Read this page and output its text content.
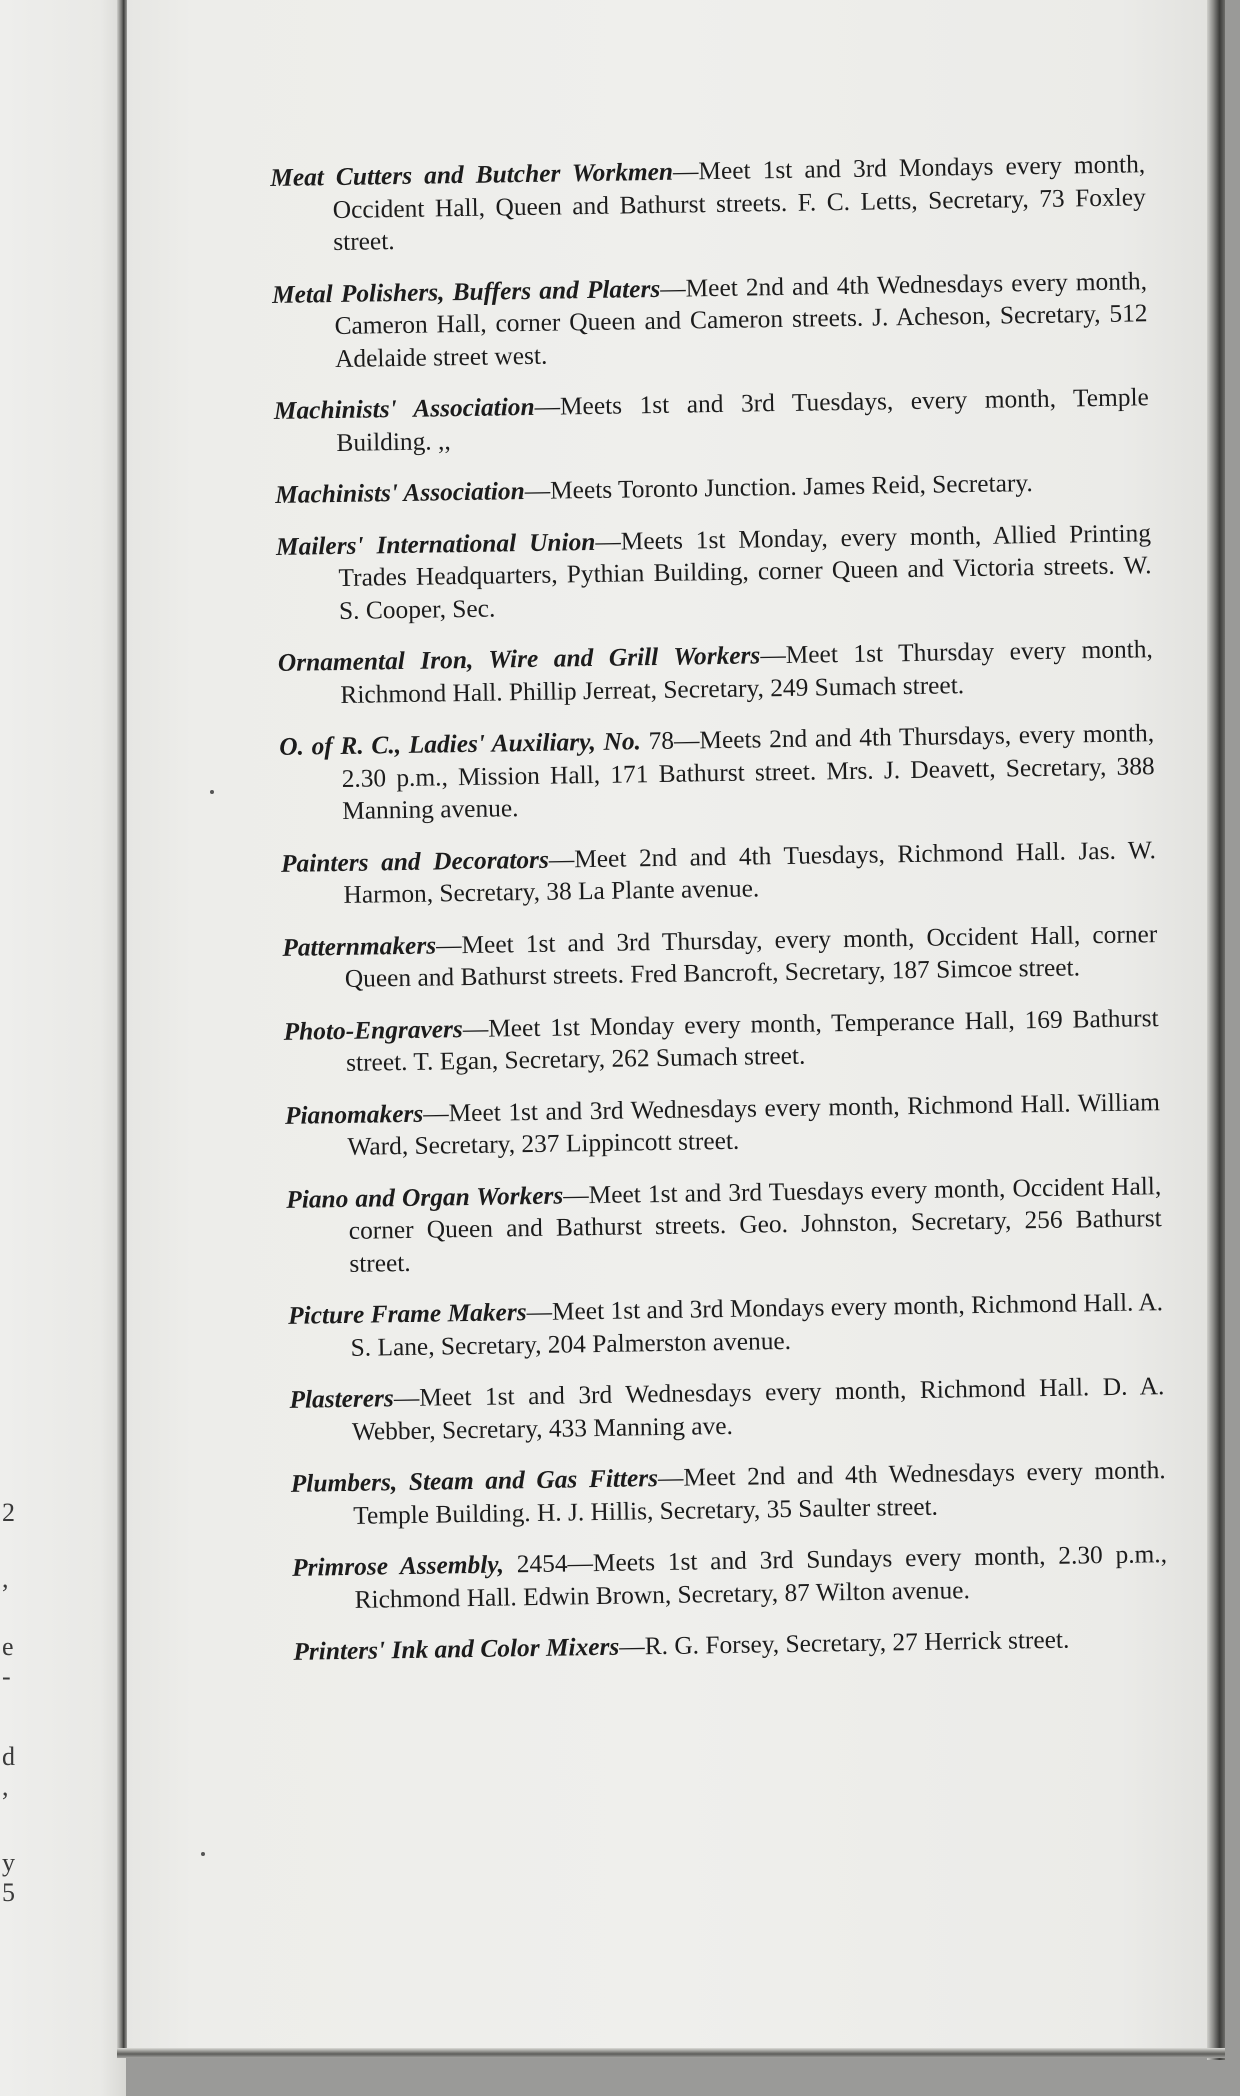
2
,
e
-
d
,
y
5

Meat Cutters and Butcher Workmen—Meet 1st and 3rd Mondays every month, Occident Hall, Queen and Bathurst streets. F. C. Letts, Secretary, 73 Foxley street.

Metal Polishers, Buffers and Platers—Meet 2nd and 4th Wednesdays every month, Cameron Hall, corner Queen and Cameron streets. J. Acheson, Secretary, 512 Adelaide street west.

Machinists' Association—Meets 1st and 3rd Tuesdays, every month, Temple Building. ,,

Machinists' Association—Meets Toronto Junction. James Reid, Secretary.

Mailers' International Union—Meets 1st Monday, every month, Allied Printing Trades Headquarters, Pythian Building, corner Queen and Victoria streets. W. S. Cooper, Sec.

Ornamental Iron, Wire and Grill Workers—Meet 1st Thursday every month, Richmond Hall. Phillip Jerreat, Secretary, 249 Sumach street.

O. of R. C., Ladies' Auxiliary, No. 78—Meets 2nd and 4th Thursdays, every month, 2.30 p.m., Mission Hall, 171 Bathurst street. Mrs. J. Deavett, Secretary, 388 Manning avenue.

Painters and Decorators—Meet 2nd and 4th Tuesdays, Richmond Hall. Jas. W. Harmon, Secretary, 38 La Plante avenue.

Patternmakers—Meet 1st and 3rd Thursday, every month, Occident Hall, corner Queen and Bathurst streets. Fred Bancroft, Secretary, 187 Simcoe street.

Photo-Engravers—Meet 1st Monday every month, Temperance Hall, 169 Bathurst street. T. Egan, Secretary, 262 Sumach street.

Pianomakers—Meet 1st and 3rd Wednesdays every month, Richmond Hall. William Ward, Secretary, 237 Lippincott street.

Piano and Organ Workers—Meet 1st and 3rd Tuesdays every month, Occident Hall, corner Queen and Bathurst streets. Geo. Johnston, Secretary, 256 Bathurst street.

Picture Frame Makers—Meet 1st and 3rd Mondays every month, Richmond Hall. A. S. Lane, Secretary, 204 Palmerston avenue.

Plasterers—Meet 1st and 3rd Wednesdays every month, Richmond Hall. D. A. Webber, Secretary, 433 Manning ave.

Plumbers, Steam and Gas Fitters—Meet 2nd and 4th Wednesdays every month. Temple Building. H. J. Hillis, Secretary, 35 Saulter street.

Primrose Assembly, 2454—Meets 1st and 3rd Sundays every month, 2.30 p.m., Richmond Hall. Edwin Brown, Secretary, 87 Wilton avenue.

Printers' Ink and Color Mixers—R. G. Forsey, Secretary, 27 Herrick street.
